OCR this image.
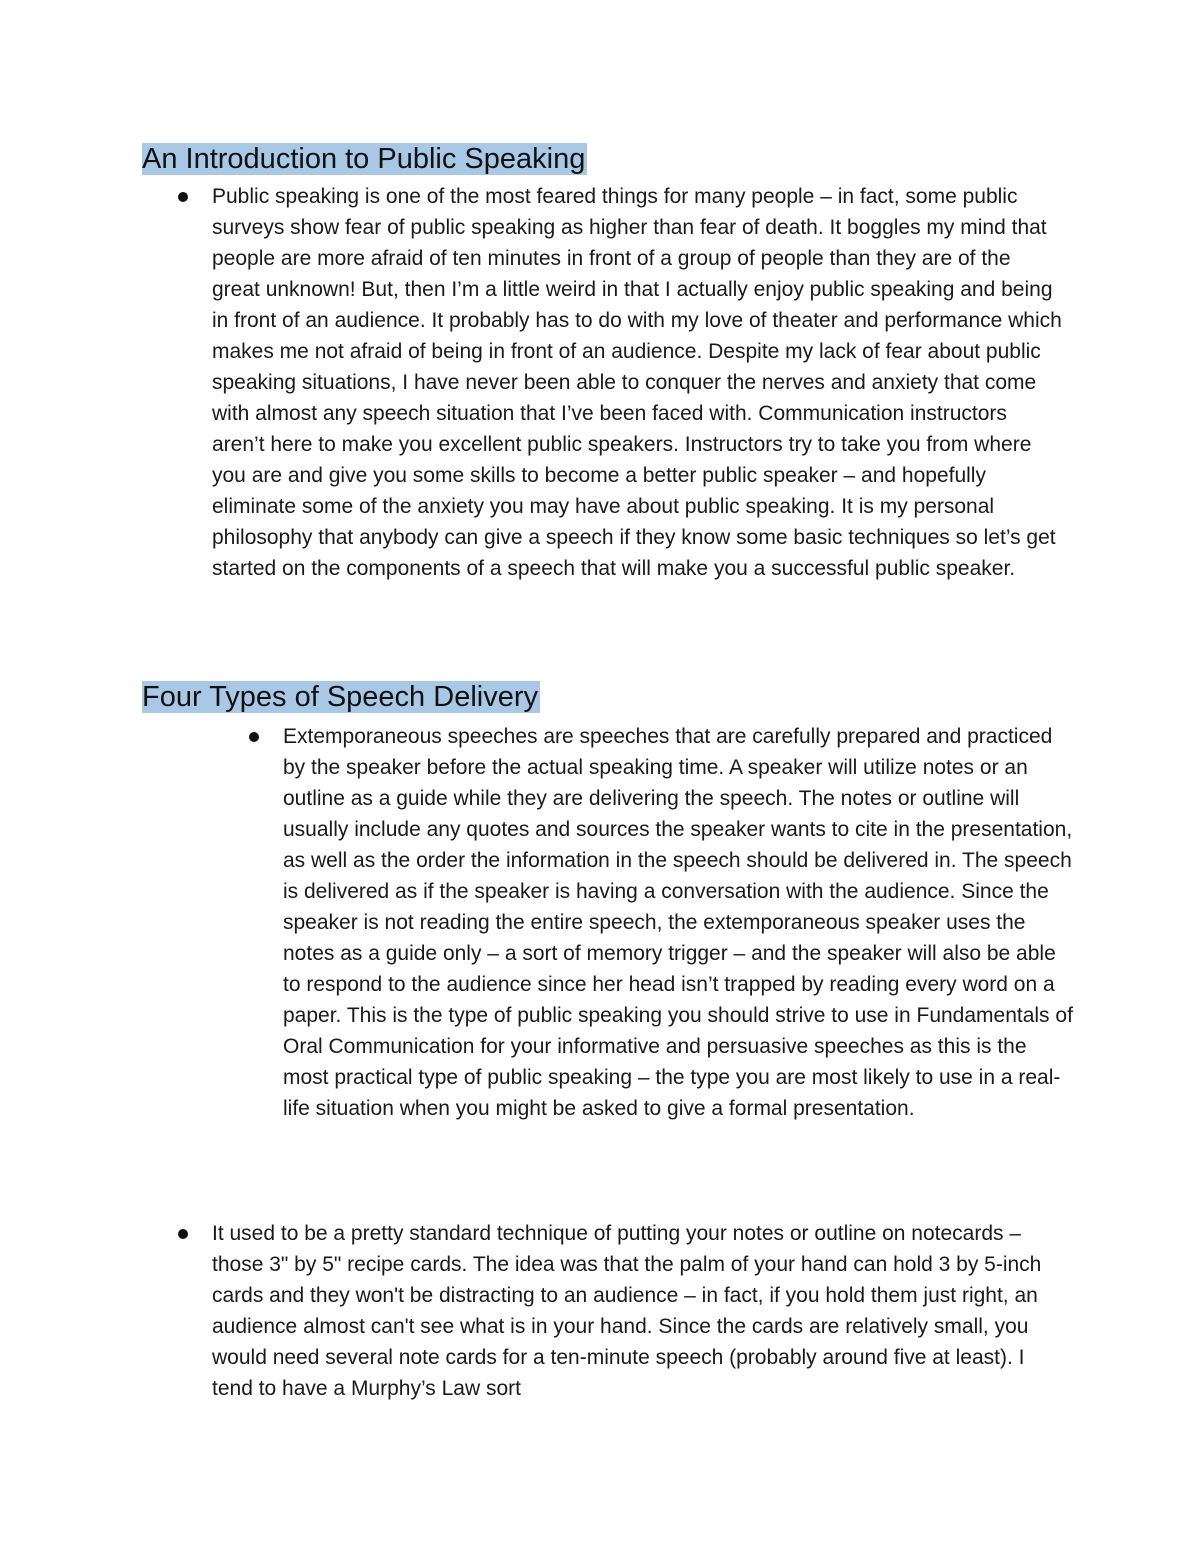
An Introduction to Public Speaking

Public speaking is one of the most feared things for many people – in fact, some public surveys show fear of public speaking as higher than fear of death. It boggles my mind that people are more afraid of ten minutes in front of a group of people than they are of the great unknown! But, then I’m a little weird in that I actually enjoy public speaking and being in front of an audience. It probably has to do with my love of theater and performance which makes me not afraid of being in front of an audience. Despite my lack of fear about public speaking situations, I have never been able to conquer the nerves and anxiety that come with almost any speech situation that I’ve been faced with. Communication instructors aren’t here to make you excellent public speakers. Instructors try to take you from where you are and give you some skills to become a better public speaker – and hopefully eliminate some of the anxiety you may have about public speaking. It is my personal philosophy that anybody can give a speech if they know some basic techniques so let’s get started on the components of a speech that will make you a successful public speaker.

Four Types of Speech Delivery

Extemporaneous speeches are speeches that are carefully prepared and practiced by the speaker before the actual speaking time. A speaker will utilize notes or an outline as a guide while they are delivering the speech. The notes or outline will usually include any quotes and sources the speaker wants to cite in the presentation, as well as the order the information in the speech should be delivered in. The speech is delivered as if the speaker is having a conversation with the audience. Since the speaker is not reading the entire speech, the extemporaneous speaker uses the notes as a guide only – a sort of memory trigger – and the speaker will also be able to respond to the audience since her head isn’t trapped by reading every word on a paper. This is the type of public speaking you should strive to use in Fundamentals of Oral Communication for your informative and persuasive speeches as this is the most practical type of public speaking – the type you are most likely to use in a real-life situation when you might be asked to give a formal presentation.

It used to be a pretty standard technique of putting your notes or outline on notecards – those 3" by 5" recipe cards. The idea was that the palm of your hand can hold 3 by 5-inch cards and they won't be distracting to an audience – in fact, if you hold them just right, an audience almost can't see what is in your hand. Since the cards are relatively small, you would need several note cards for a ten-minute speech (probably around five at least). I tend to have a Murphy’s Law sort
